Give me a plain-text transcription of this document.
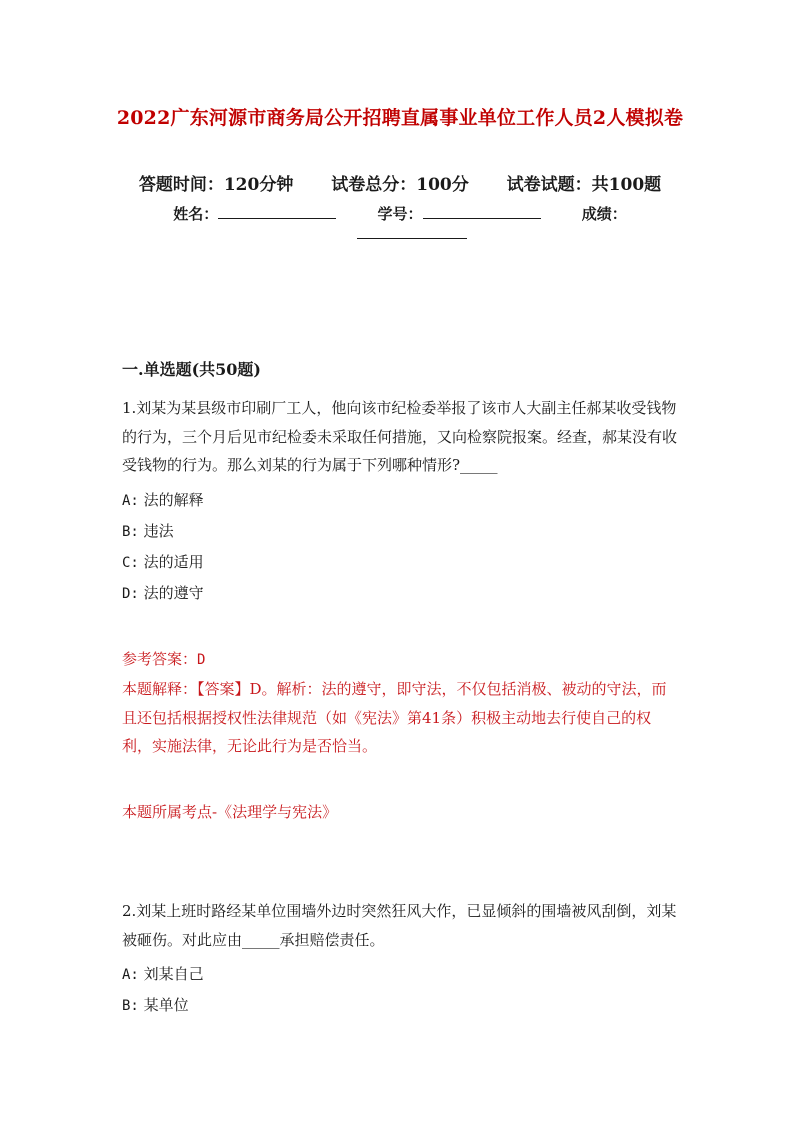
2022广东河源市商务局公开招聘直属事业单位工作人员2人模拟卷
答题时间：120分钟 试卷总分：100分 试卷试题：共100题
姓名：	学号：	成绩：
一.单选题(共50题)

1.刘某为某县级市印刷厂工人，他向该市纪检委举报了该市人大副主任郝某收受钱物的行为，三个月后见市纪检委未采取任何措施，又向检察院报案。经查，郝某没有收受钱物的行为。那么刘某的行为属于下列哪种情形?_____

A: 法的解释
B: 违法
C: 法的适用
D: 法的遵守
参考答案：D
本题解释：【答案】D。解析：法的遵守，即守法，不仅包括消极、被动的守法，而且还包括根据授权性法律规范（如《宪法》第41条）积极主动地去行使自己的权利，实施法律，无论此行为是否恰当。
本题所属考点-《法理学与宪法》

2.刘某上班时路经某单位围墙外边时突然狂风大作，已显倾斜的围墙被风刮倒，刘某被砸伤。对此应由_____承担赔偿责任。

A: 刘某自己
B: 某单位
